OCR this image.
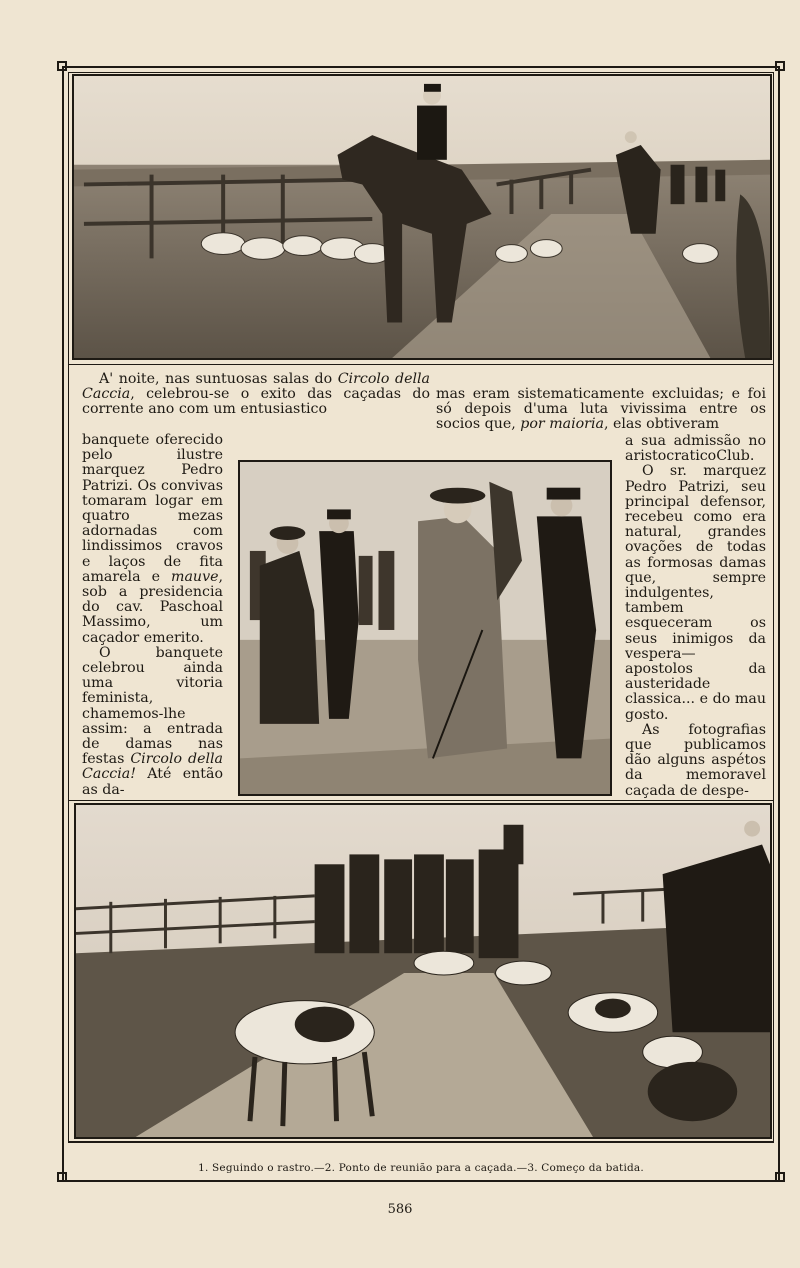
A' noite, nas suntuosas salas do Circolo della Caccia, celebrou-se o exito das caçadas do corrente ano com um entusiastico

banquete oferecido pelo ilustre marquez Pedro Patrizi. Os convivas tomaram logar em quatro mezas adornadas com lindissimos cravos e laços de fita amarela e mauve, sob a presidencia do cav. Paschoal Massimo, um caçador emerito.

O banquete celebrou ainda uma vitoria feminista, chamemos-lhe assim: a entrada de damas nas festas Circolo della Caccia! Até então as da-

mas eram sistematicamente excluidas; e foi só depois d'uma luta vivissima entre os socios que, por maioria, elas obtiveram

a sua admissão no aristocraticoClub.

O sr. marquez Pedro Patrizi, seu principal defensor, recebeu como era natural, grandes ovações de todas as formosas damas que, sempre indulgentes, tambem esqueceram os seus inimigos da vespera— apostolos da austeridade classica... e do mau gosto.

As fotografias que publicamos dão alguns aspétos da memoravel caçada de despe-

1. Seguindo o rastro.—2. Ponto de reunião para a caçada.—3. Começo da batida.
586
